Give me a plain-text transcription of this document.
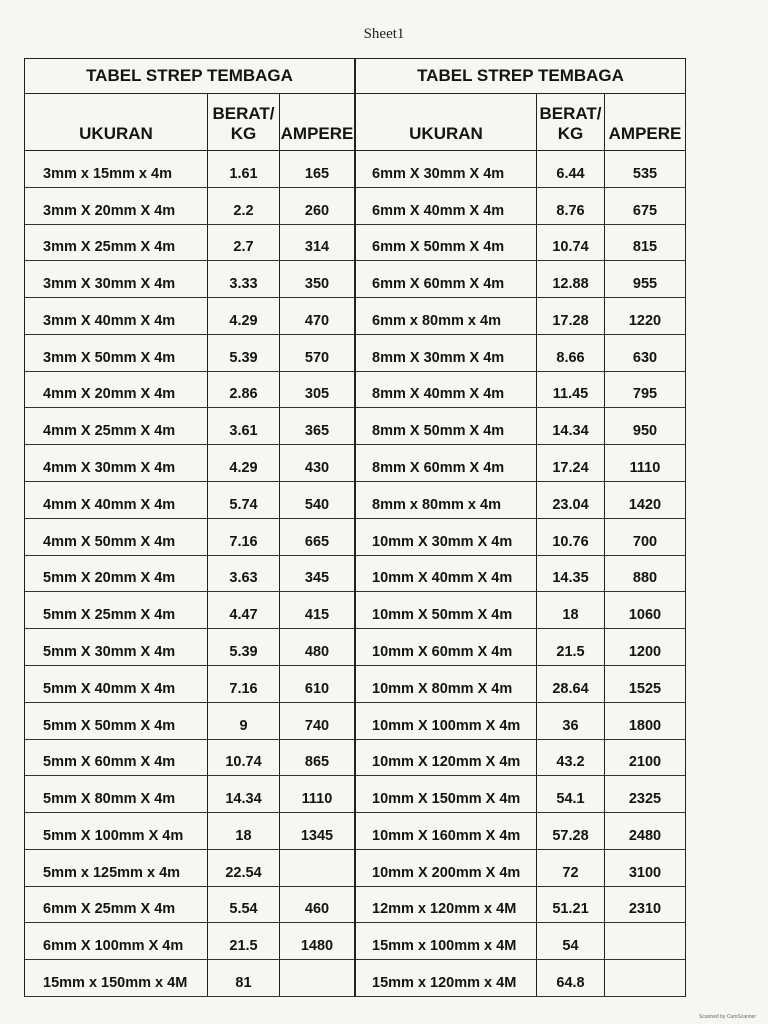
Sheet1
TABEL STREP TEMBAGA
UKURAN
BERAT/
KG	AMPERE
3mm x 15mm x 4m	1.61	165
3mm X 20mm X 4m	2.2	260
3mm X 25mm X 4m	2.7	314
3mm X 30mm X 4m	3.33	350
3mm X 40mm X 4m	4.29	470
3mm X 50mm X 4m	5.39	570
4mm X 20mm X 4m	2.86	305
4mm X 25mm X 4m	3.61	365
4mm X 30mm X 4m	4.29	430
4mm X 40mm X 4m	5.74	540
4mm X 50mm X 4m	7.16	665
5mm X 20mm X 4m	3.63	345
5mm X 25mm X 4m	4.47	415
5mm X 30mm X 4m	5.39	480
5mm X 40mm X 4m	7.16	610
5mm X 50mm X 4m	9	740
5mm X 60mm X 4m	10.74	865
5mm X 80mm X 4m	14.34	1110
5mm X 100mm X 4m	18	1345
5mm x 125mm x 4m	22.54
6mm X 25mm X 4m	5.54	460
6mm X 100mm X 4m	21.5	1480
15mm x 150mm x 4M	81
TABEL STREP TEMBAGA
UKURAN
BERAT/
KG	AMPERE
6mm X 30mm X 4m	6.44	535
6mm X 40mm X 4m	8.76	675
6mm X 50mm X 4m	10.74	815
6mm X 60mm X 4m	12.88	955
6mm x 80mm x 4m	17.28	1220
8mm X 30mm X 4m	8.66	630
8mm X 40mm X 4m	11.45	795
8mm X 50mm X 4m	14.34	950
8mm X 60mm X 4m	17.24	1110
8mm x 80mm x 4m	23.04	1420
10mm X 30mm X 4m	10.76	700
10mm X 40mm X 4m	14.35	880
10mm X 50mm X 4m	18	1060
10mm X 60mm X 4m	21.5	1200
10mm X 80mm X 4m	28.64	1525
10mm X 100mm X 4m	36	1800
10mm X 120mm X 4m	43.2	2100
10mm X 150mm X 4m	54.1	2325
10mm X 160mm X 4m	57.28	2480
10mm X 200mm X 4m	72	3100
12mm x 120mm x 4M	51.21	2310
15mm x 100mm x 4M	54
15mm x 120mm x 4M	64.8
Scanned by CamScanner
